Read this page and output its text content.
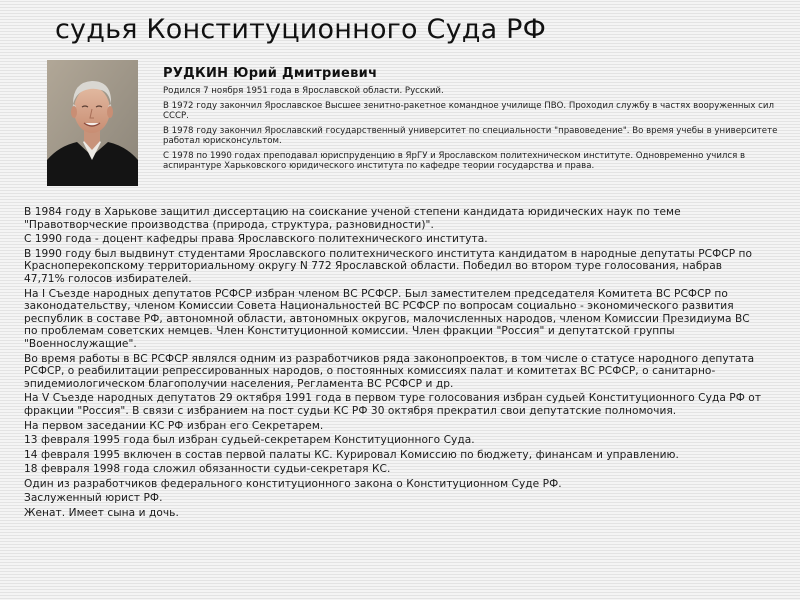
судья Конституционного Суда РФ

РУДКИН Юрий Дмитриевич

Родился 7 ноября 1951 года в Ярославской области. Русский.

В 1972 году закончил Ярославское Высшее зенитно-ракетное командное училище ПВО. Проходил службу в частях вооруженных сил СССР.

В 1978 году закончил Ярославский государственный университет по специальности "правоведение". Во время учебы в университете работал юрисконсультом.

С 1978 по 1990 годах преподавал юриспруденцию в ЯрГУ и Ярославском политехническом институте. Одновременно учился в аспирантуре Харьковского юридического института по кафедре теории государства и права.

В 1984 году в Харькове защитил диссертацию на соискание ученой степени кандидата юридических наук по теме "Правотворческие производства (природа, структура, разновидности)".

С 1990 года - доцент кафедры права Ярославского политехнического института.

В 1990 году был выдвинут студентами Ярославского политехнического института кандидатом в народные депутаты РСФСР по Красноперекопскому территориальному округу N 772 Ярославской области. Победил во втором туре голосования, набрав 47,71% голосов избирателей.

На I Съезде народных депутатов РСФСР избран членом ВС РСФСР. Был заместителем председателя Комитета ВС РСФСР по законодательству, членом Комиссии Совета Национальностей ВС РСФСР по вопросам социально - экономического развития республик в составе РФ, автономной области, автономных округов, малочисленных народов, членом Комиссии Президиума ВС по проблемам советских немцев. Член Конституционной комиссии. Член фракции "Россия" и депутатской группы "Военнослужащие".

Во время работы в ВС РСФСР являлся одним из разработчиков ряда законопроектов, в том числе о статусе народного депутата РСФСР, о реабилитации репрессированных народов, о постоянных комиссиях палат и комитетах ВС РСФСР, о санитарно-эпидемиологическом благополучии населения, Регламента ВС РСФСР и др.

На V Съезде народных депутатов 29 октября 1991 года в первом туре голосования избран судьей Конституционного Суда РФ от фракции "Россия". В связи с избранием на пост судьи КС РФ 30 октября прекратил свои депутатские полномочия.

На первом заседании КС РФ избран его Секретарем.

13 февраля 1995 года был избран судьей-секретарем Конституционного Суда.

14 февраля 1995 включен в состав первой палаты КС. Курировал Комиссию по бюджету, финансам и управлению.

18 февраля 1998 года сложил обязанности судьи-секретаря КС.

Один из разработчиков федерального конституционного закона о Конституционном Суде РФ.

Заслуженный юрист РФ.

Женат. Имеет сына и дочь.
